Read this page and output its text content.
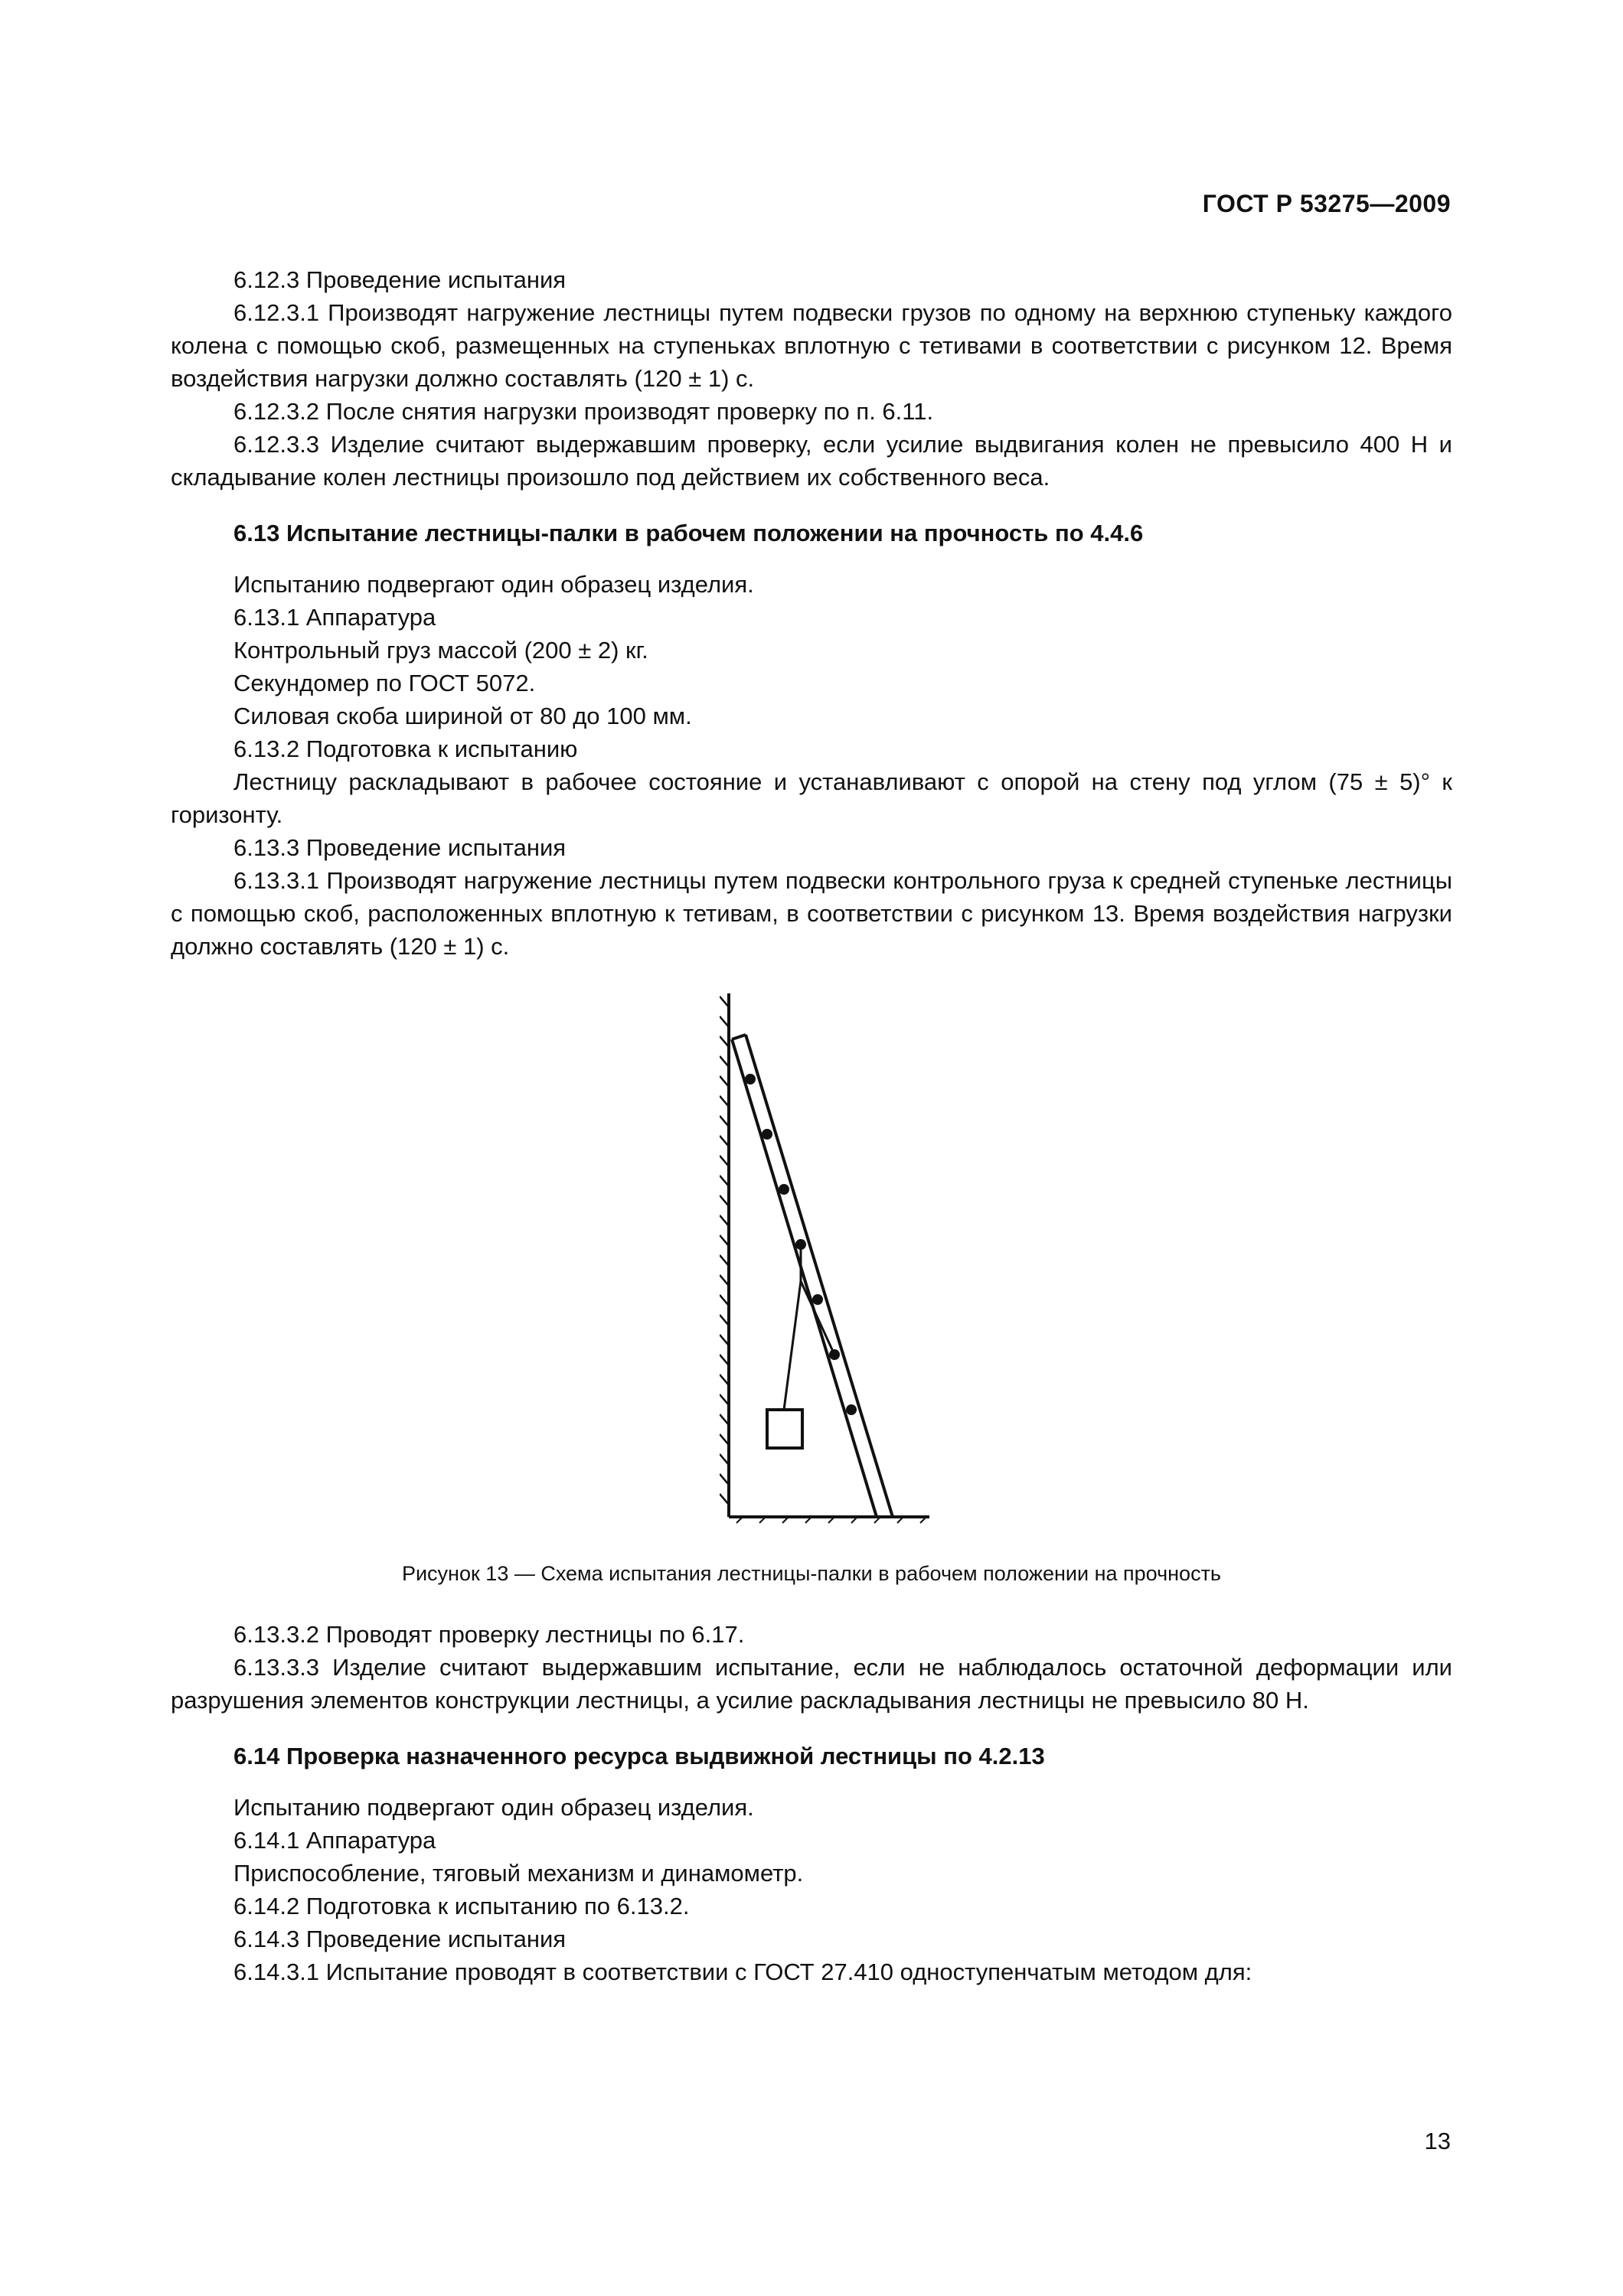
ГОСТ Р 53275—2009

6.12.3 Проведение испытания

6.12.3.1 Производят нагружение лестницы путем подвески грузов по одному на верхнюю ступеньку каждого колена с помощью скоб, размещенных на ступеньках вплотную с тетивами в соответствии с рисунком 12. Время воздействия нагрузки должно составлять (120 ± 1) с.

6.12.3.2 После снятия нагрузки производят проверку по п. 6.11.

6.12.3.3 Изделие считают выдержавшим проверку, если усилие выдвигания колен не превысило 400 Н и складывание колен лестницы произошло под действием их собственного веса.

6.13 Испытание лестницы-палки в рабочем положении на прочность по 4.4.6

Испытанию подвергают один образец изделия.

6.13.1 Аппаратура

Контрольный груз массой (200 ± 2) кг.

Секундомер по ГОСТ 5072.

Силовая скоба шириной от 80 до 100 мм.

6.13.2 Подготовка к испытанию

Лестницу раскладывают в рабочее состояние и устанавливают с опорой на стену под углом (75 ± 5)° к горизонту.

6.13.3 Проведение испытания

6.13.3.1 Производят нагружение лестницы путем подвески контрольного груза к средней ступеньке лестницы с помощью скоб, расположенных вплотную к тетивам, в соответствии с рисунком 13. Время воздействия нагрузки должно составлять (120 ± 1) с.

Рисунок 13 — Схема испытания лестницы-палки в рабочем положении на прочность

6.13.3.2 Проводят проверку лестницы по 6.17.

6.13.3.3 Изделие считают выдержавшим испытание, если не наблюдалось остаточной деформации или разрушения элементов конструкции лестницы, а усилие раскладывания лестницы не превысило 80 Н.

6.14 Проверка назначенного ресурса выдвижной лестницы по 4.2.13

Испытанию подвергают один образец изделия.

6.14.1 Аппаратура

Приспособление, тяговый механизм и динамометр.

6.14.2 Подготовка к испытанию по 6.13.2.

6.14.3 Проведение испытания

6.14.3.1 Испытание проводят в соответствии с ГОСТ 27.410 одноступенчатым методом для:

13
